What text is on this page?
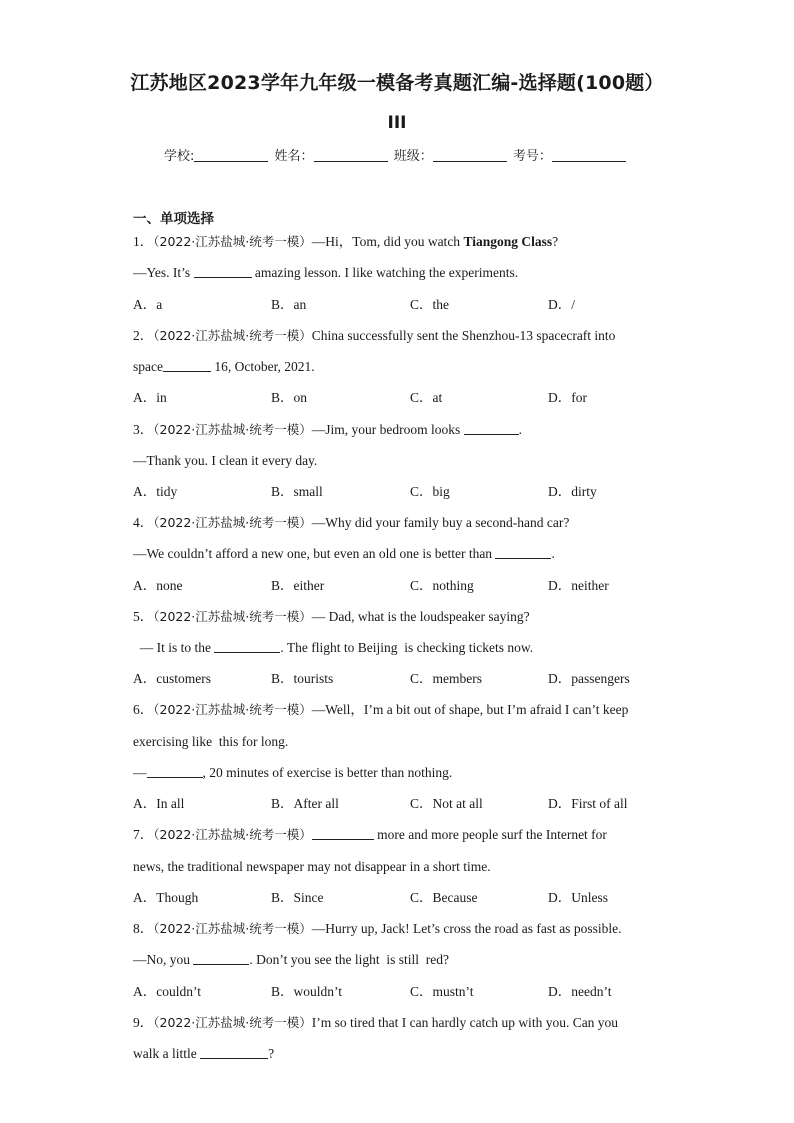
江苏地区2023学年九年级一模备考真题汇编-选择题(100题）
III
学校:	姓名：	班级：	考号：
一、单项选择
1．（2022·江苏盐城·统考一模）—Hi，Tom, did you watch Tiangong Class?
—Yes. It’s	amazing lesson. I like watching the experiments.
A．a	B．an	C．the	D．/
2．（2022·江苏盐城·统考一模）China successfully sent the Shenzhou-13 spacecraft into
space	16, October, 2021.
A．in	B．on	C．at	D．for
3．（2022·江苏盐城·统考一模）—Jim, your bedroom looks	.
—Thank you. I clean it every day.
A．tidy	B．small	C．big	D．dirty
4．（2022·江苏盐城·统考一模）—Why did your family buy a second-hand car?
—We couldn’t afford a new one, but even an old one is better than	.
A．none	B．either	C．nothing	D．neither
5．（2022·江苏盐城·统考一模）— Dad, what is the loudspeaker saying?
— It is to the	. The flight to Beijing  is checking tickets now.
A．customers	B．tourists	C．members	D．passengers
6．（2022·江苏盐城·统考一模）—Well，I’m a bit out of shape, but I’m afraid I can’t keep
exercising like  this for long.
—	, 20 minutes of exercise is better than nothing.
A．In all	B．After all	C．Not at all	D．First of all
7．（2022·江苏盐城·统考一模）	more and more people surf the Internet for
news, the traditional newspaper may not disappear in a short time.
A．Though	B．Since	C．Because	D．Unless
8．（2022·江苏盐城·统考一模）—Hurry up, Jack! Let’s cross the road as fast as possible.
—No, you	. Don’t you see the light  is still  red?
A．couldn’t	B．wouldn’t	C．mustn’t	D．needn’t
9．（2022·江苏盐城·统考一模）I’m so tired that I can hardly catch up with you. Can you
walk a little	?
